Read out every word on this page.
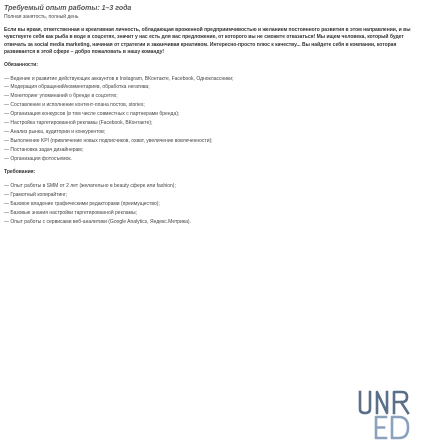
Требуемый опыт работы: 1–3 года
Полная занятость, полный день

Если вы яркая, ответственная и креативная личность, обладающая вроженной предприимчивостью и желанием постоянного развития в этом направлении, и вы чувствуете себя как рыба в воде в соцсетях, значит у нас есть для вас предложение, от которого вы не сможете отказаться! Мы ищем человека, который будет отвечать за social media marketing, начиная от стратегии и заканчивая креативом. Интересно-просто плюс к качеству... Вы найдете себя в компании, которая развивается в этой сфере – добро пожаловать в нашу команду!

Обязанности:
— Ведение и развитие действующих аккаунтов в Instagram, ВКонтакте, Facebook, Одноклассники;
— Модерация обращений/комментариев, обработка негатива;
— Мониторинг упоминаний о бренде в соцсетях;
— Составление и исполнение контент-плана постов, stories;
— Организация конкурсов (в том числе совместных с партнерами бренда);
— Настройка таргетированной рекламы (Facebook, ВКонтакте);
— Анализ рынка, аудитории и конкурентов;
— Выполнение KPI (привлечение новых подписчиков, охват, увеличение вовлеченности);
— Постановка задач дизайнерам;
— Организация фотосъемок.
Требования:
— Опыт работы в SMM от 2 лет (желательно в beauty сфере или fashion);
— Грамотный копирайтинг;
— Базовое владение графическими редакторами (преимущество);
— Базовые знания настройки таргетированной рекламы;
— Опыт работы с сервисами веб-аналитики (Google Analytics, Яндекс.Метрика).
